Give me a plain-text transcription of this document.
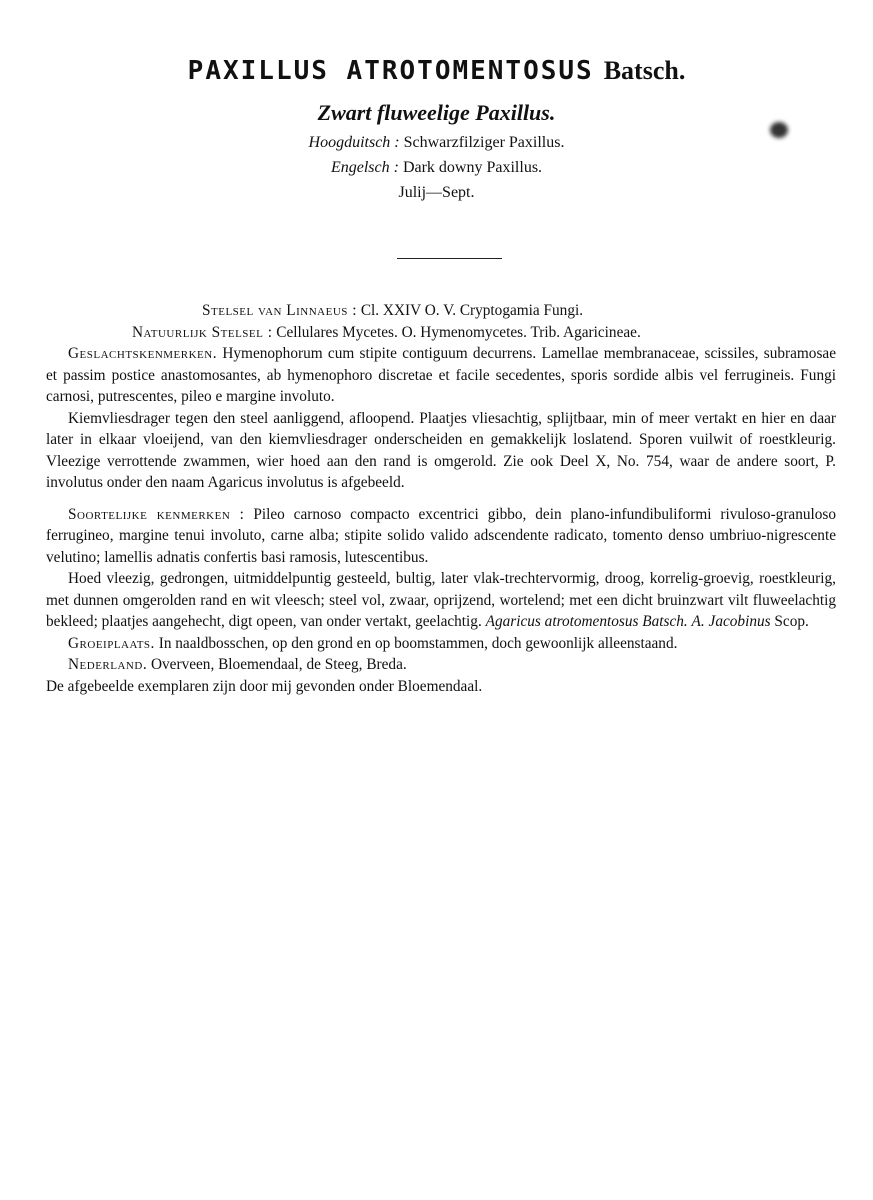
PAXILLUS ATROTOMENTOSUS Batsch.
Zwart fluweelige Paxillus.
Hoogduitsch : Schwarzfilziger Paxillus.
Engelsch : Dark downy Paxillus.
Julij—Sept.

Stelsel van Linnaeus : Cl. XXIV O. V. Cryptogamia Fungi.

Natuurlijk Stelsel : Cellulares Mycetes. O. Hymenomycetes. Trib. Agaricineae.

Geslachtskenmerken. Hymenophorum cum stipite contiguum decurrens. Lamellae membranaceae, scissiles, subramosae et passim postice anastomosantes, ab hymenophoro discretae et facile secedentes, sporis sordide albis vel ferrugineis. Fungi carnosi, putrescentes, pileo e margine involuto.

Kiemvliesdrager tegen den steel aanliggend, afloopend. Plaatjes vliesachtig, splijtbaar, min of meer vertakt en hier en daar later in elkaar vloeijend, van den kiemvliesdrager onderscheiden en gemakkelijk loslatend. Sporen vuilwit of roestkleurig. Vleezige verrottende zwammen, wier hoed aan den rand is omgerold. Zie ook Deel X, No. 754, waar de andere soort, P. involutus onder den naam Agaricus involutus is afgebeeld.

Soortelijke kenmerken : Pileo carnoso compacto excentrici gibbo, dein plano-infundibuliformi rivuloso-granuloso ferrugineo, margine tenui involuto, carne alba; stipite solido valido adscendente radicato, tomento denso umbriuo-nigrescente velutino; lamellis adnatis confertis basi ramosis, lutescentibus.

Hoed vleezig, gedrongen, uitmiddelpuntig gesteeld, bultig, later vlak-trechtervormig, droog, korrelig-groevig, roestkleurig, met dunnen omgerolden rand en wit vleesch; steel vol, zwaar, oprijzend, wortelend; met een dicht bruinzwart vilt fluweelachtig bekleed; plaatjes aangehecht, digt opeen, van onder vertakt, geelachtig. Agaricus atrotomentosus Batsch. A. Jacobinus Scop.

Groeiplaats. In naaldbosschen, op den grond en op boomstammen, doch gewoonlijk alleenstaand.

Nederland. Overveen, Bloemendaal, de Steeg, Breda.

De afgebeelde exemplaren zijn door mij gevonden onder Bloemendaal.
